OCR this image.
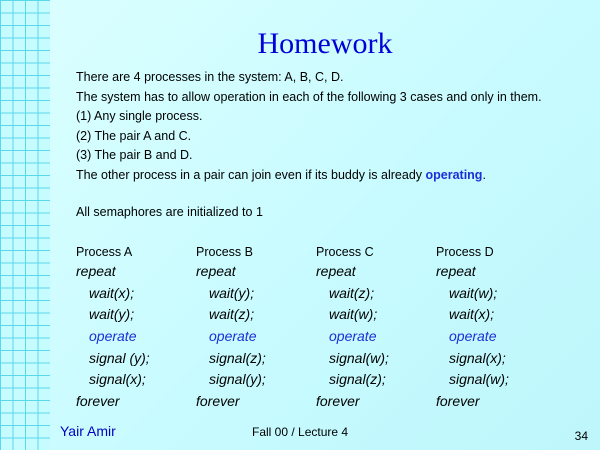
Homework
There are 4 processes in the system: A, B, C, D.
The system has to allow operation in each of the following 3 cases and only in them.
(1) Any single process.
(2) The pair A and C.
(3) The pair B and D.
The other process in a pair can join even if its buddy is already operating.
All semaphores are initialized to 1
Process A
repeat
wait(x);
wait(y);
operate
signal (y);
signal(x);
forever
Process B
repeat
wait(y);
wait(z);
operate
signal(z);
signal(y);
forever
Process C
repeat
wait(z);
wait(w);
operate
signal(w);
signal(z);
forever
Process D
repeat
wait(w);
wait(x);
operate
signal(x);
signal(w);
forever
Yair Amir	Fall 00 / Lecture 4	34
